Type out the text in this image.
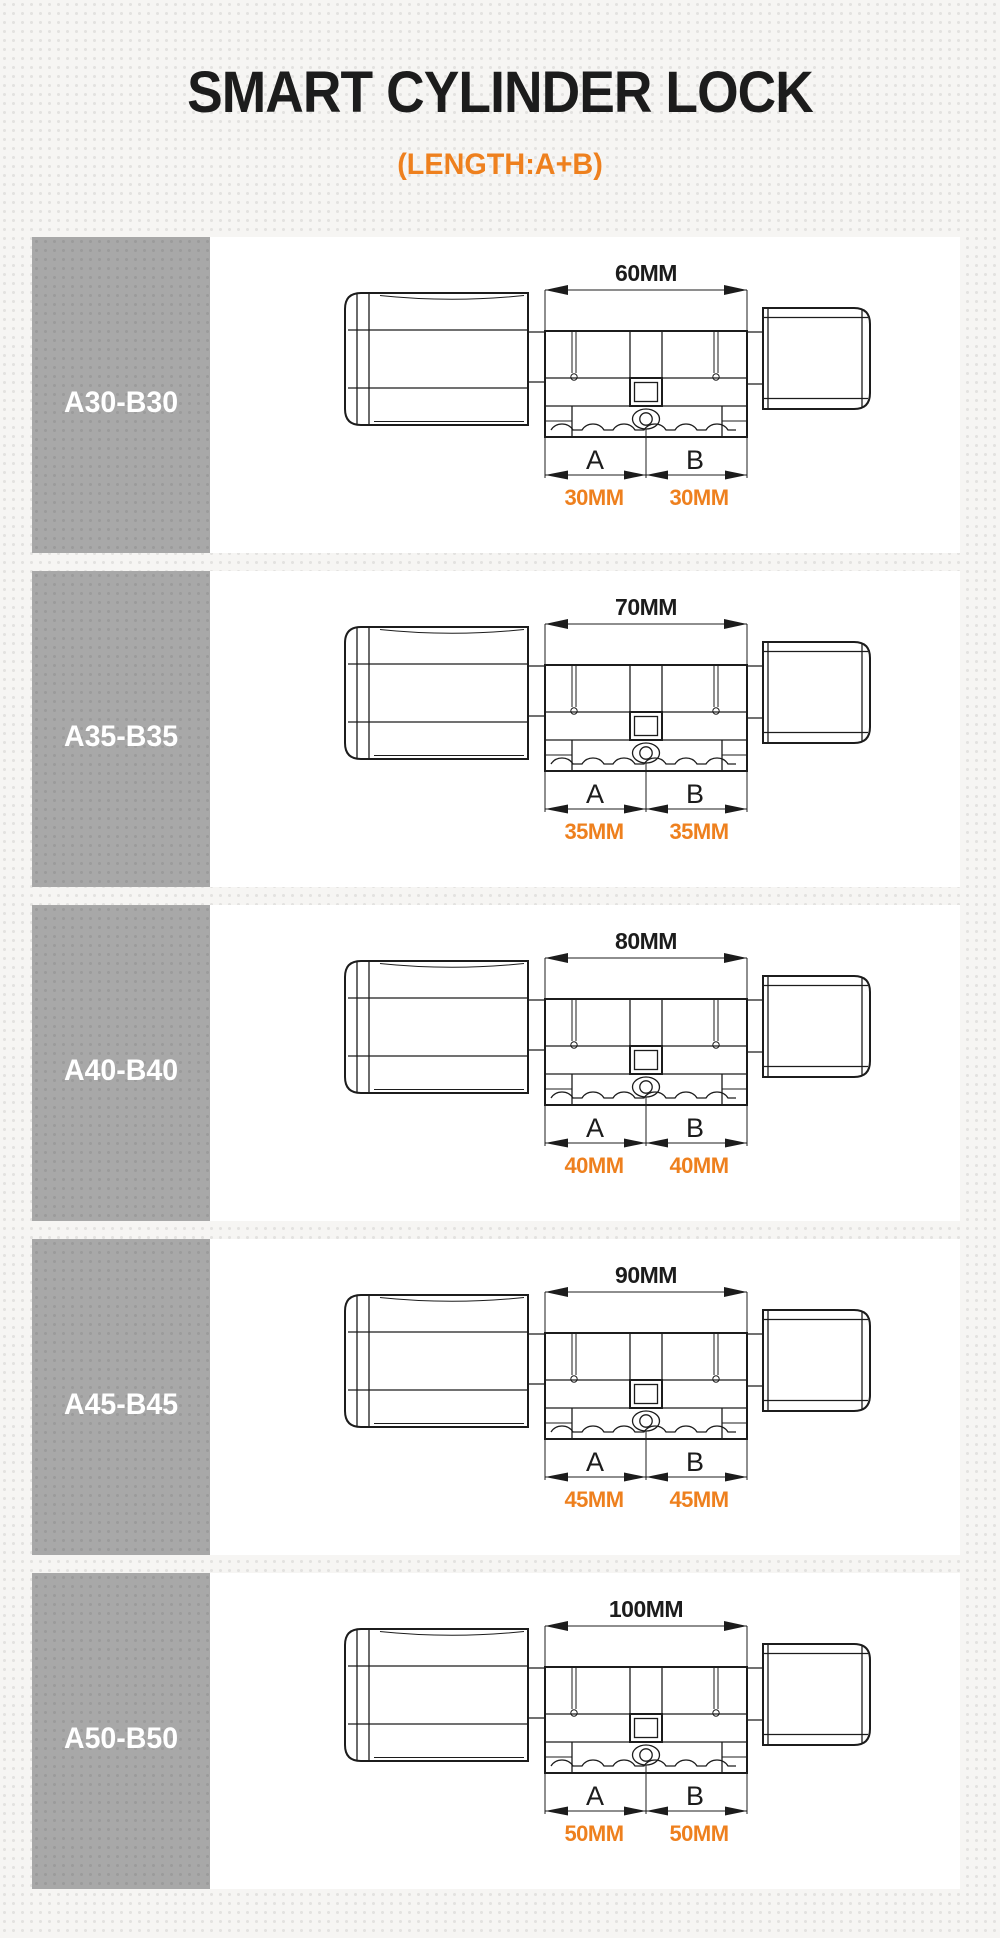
SMART CYLINDER LOCK
(LENGTH:A+B)
A30-B30
60MM
A	B
30MM 30MM
A35-B35
70MM
A	B
35MM 35MM
A40-B40
80MM
A	B
40MM 40MM
A45-B45
90MM
A	B
45MM 45MM
A50-B50
100MM
A	B
50MM 50MM
